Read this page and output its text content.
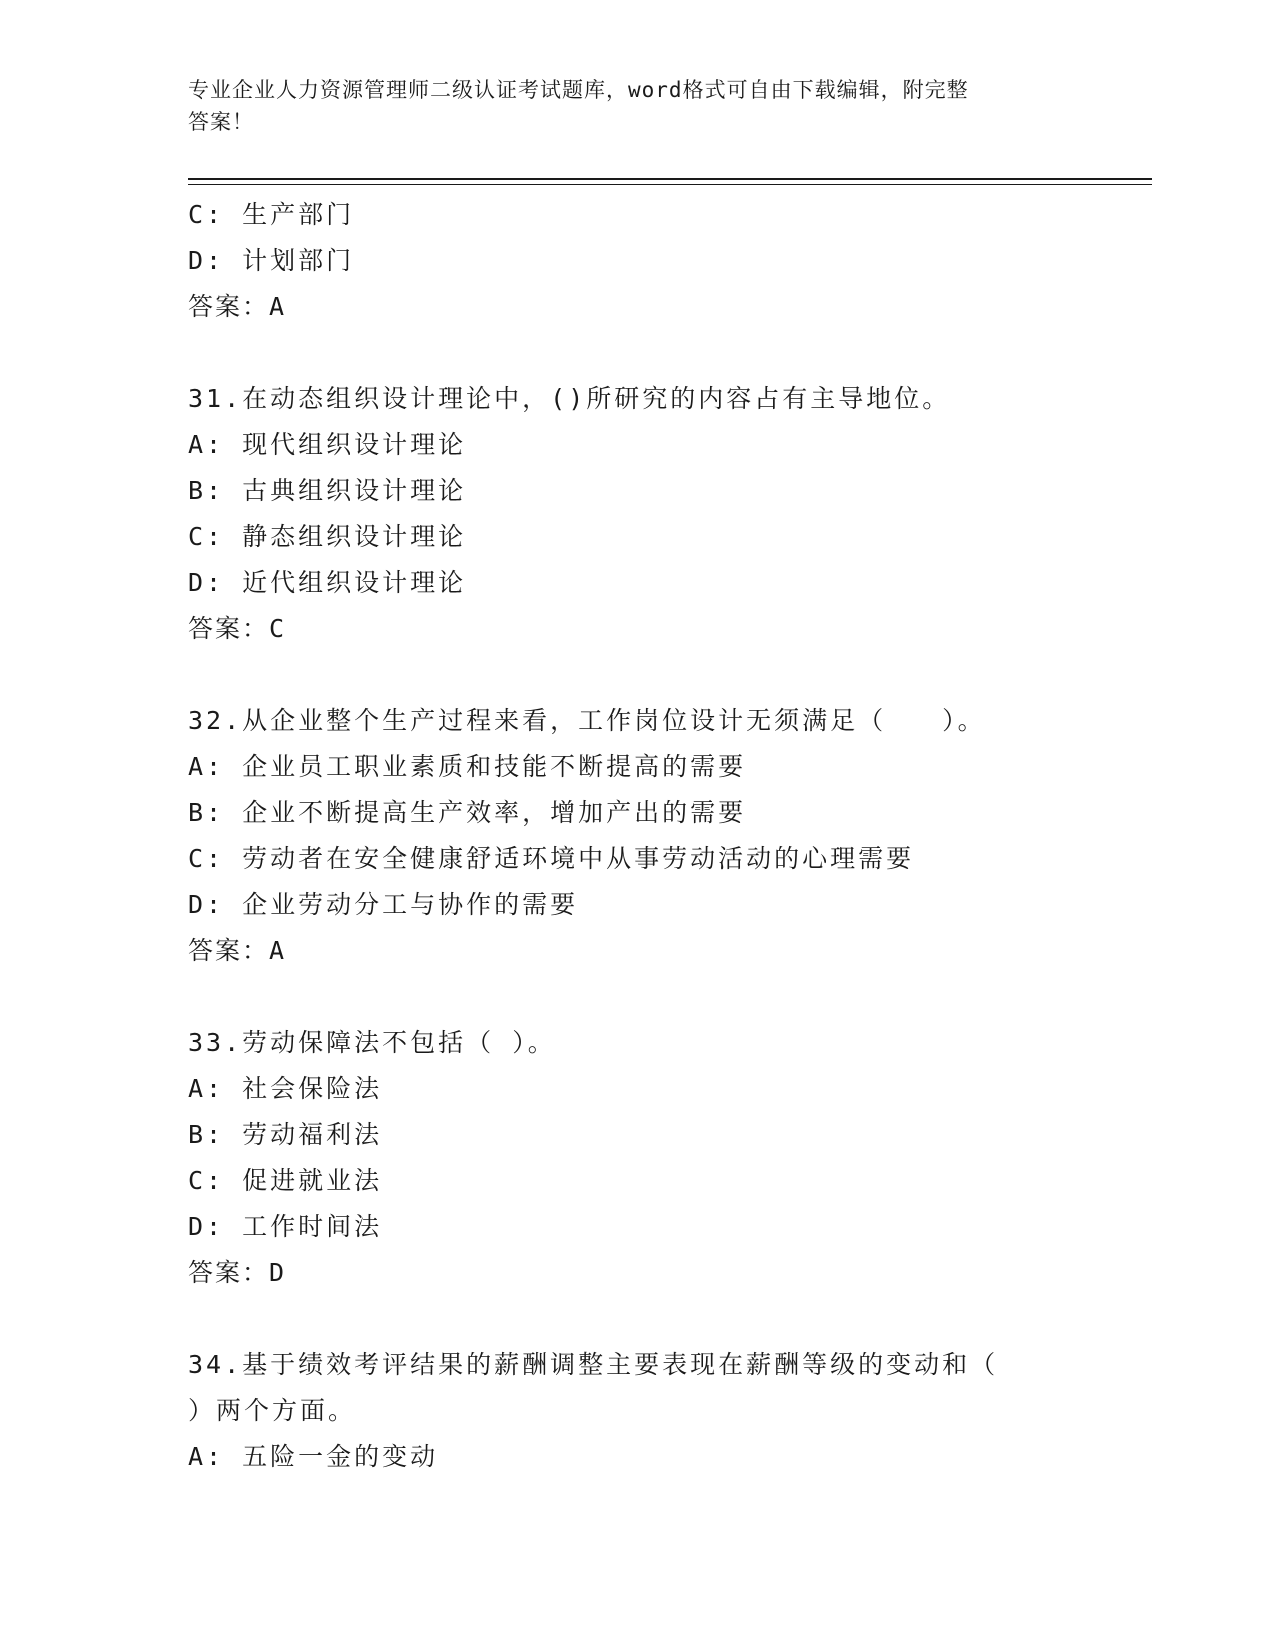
专业企业人力资源管理师二级认证考试题库，word格式可自由下载编辑，附完整
答案！
C: 生产部门
D: 计划部门
答案：A
31.在动态组织设计理论中，()所研究的内容占有主导地位。
A: 现代组织设计理论
B: 古典组织设计理论
C: 静态组织设计理论
D: 近代组织设计理论
答案：C
32.从企业整个生产过程来看，工作岗位设计无须满足（　　）。
A: 企业员工职业素质和技能不断提高的需要
B: 企业不断提高生产效率，增加产出的需要
C: 劳动者在安全健康舒适环境中从事劳动活动的心理需要
D: 企业劳动分工与协作的需要
答案：A
33.劳动保障法不包括（ ）。
A: 社会保险法
B: 劳动福利法
C: 促进就业法
D: 工作时间法
答案：D
34.基于绩效考评结果的薪酬调整主要表现在薪酬等级的变动和（
）两个方面。
A: 五险一金的变动
